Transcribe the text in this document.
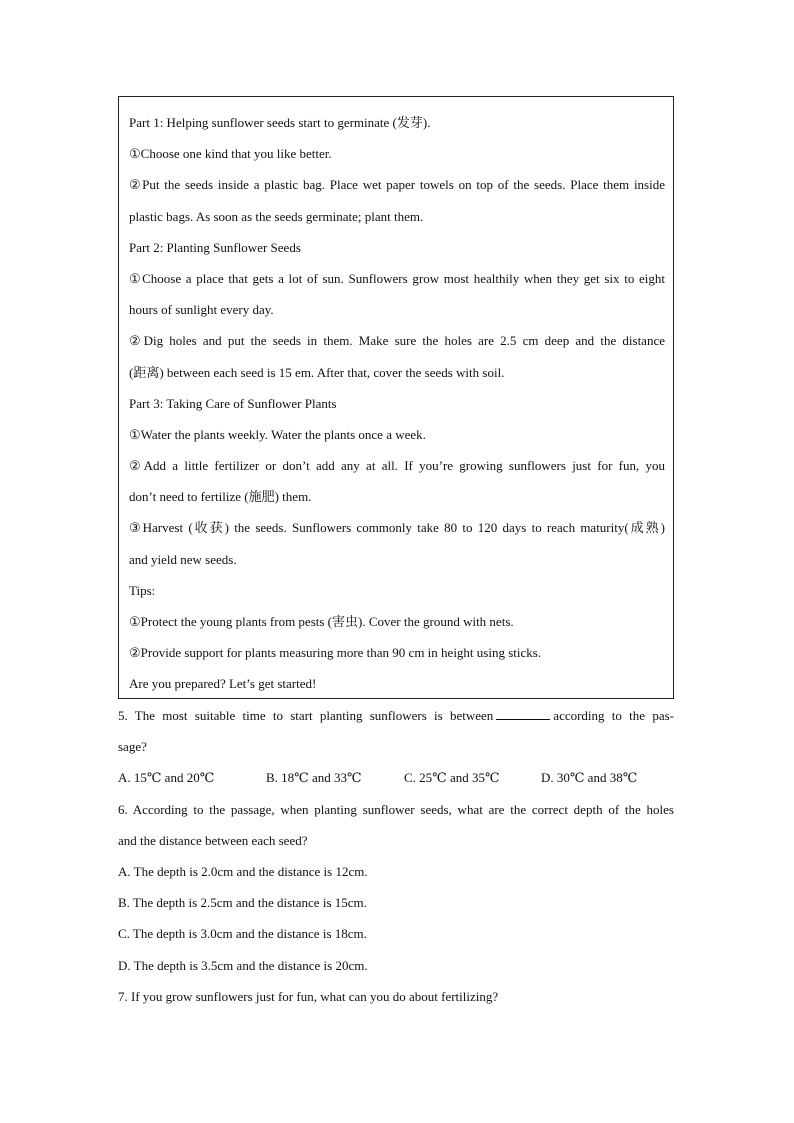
Part 1: Helping sunflower seeds start to germinate (发芽).
①Choose one kind that you like better.
②Put the seeds inside a plastic bag. Place wet paper towels on top of the seeds. Place them inside
plastic bags. As soon as the seeds germinate; plant them.
Part 2: Planting Sunflower Seeds
①Choose a place that gets a lot of sun. Sunflowers grow most healthily when they get six to eight
hours of sunlight every day.
②Dig holes and put the seeds in them. Make sure the holes are 2.5 cm deep and the distance
(距离) between each seed is 15 em. After that, cover the seeds with soil.
Part 3: Taking Care of Sunflower Plants
①Water the plants weekly. Water the plants once a week.
②Add a little fertilizer or don’t add any at all. If you’re growing sunflowers just for fun, you
don’t need to fertilize (施肥) them.
③Harvest (收获) the seeds. Sunflowers commonly take 80 to 120 days to reach maturity(成熟)
and yield new seeds.
Tips:
①Protect the young plants from pests (害虫). Cover the ground with nets.
②Provide support for plants measuring more than 90 cm in height using sticks.
Are you prepared? Let’s get started!
5. The most suitable time to start planting sunflowers is between	according to the pas-
sage?
A. 15℃ and 20℃	B. 18℃ and 33℃	C. 25℃ and 35℃	D. 30℃ and 38℃
6. According to the passage, when planting sunflower seeds, what are the correct depth of the holes
and the distance between each seed?
A. The depth is 2.0cm and the distance is 12cm.
B. The depth is 2.5cm and the distance is 15cm.
C. The depth is 3.0cm and the distance is 18cm.
D. The depth is 3.5cm and the distance is 20cm.
7. If you grow sunflowers just for fun, what can you do about fertilizing?
